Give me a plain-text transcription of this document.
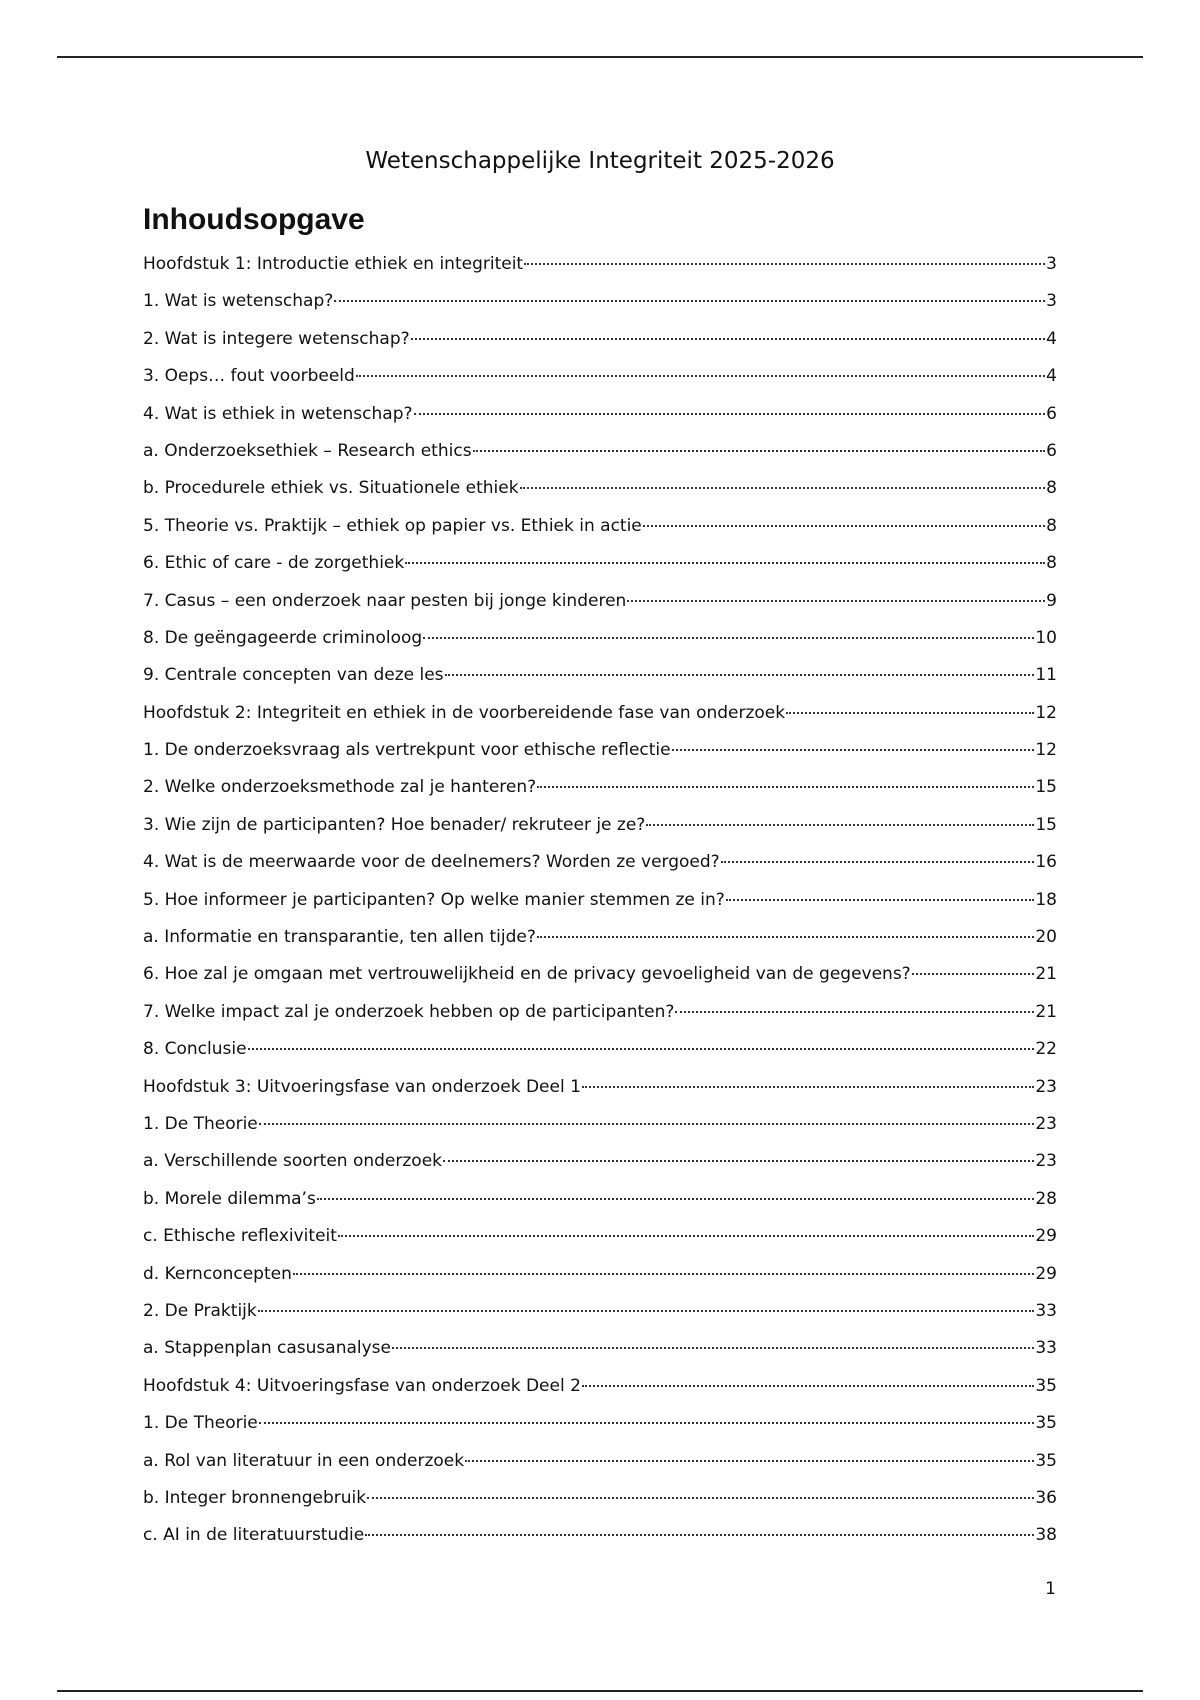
Wetenschappelijke Integriteit 2025-2026
Inhoudsopgave
Hoofdstuk 1: Introductie ethiek en integriteit	3
1. Wat is wetenschap?	3
2. Wat is integere wetenschap?	4
3. Oeps… fout voorbeeld	4
4. Wat is ethiek in wetenschap?	6
a. Onderzoeksethiek – Research ethics	6
b. Procedurele ethiek vs. Situationele ethiek	8
5. Theorie vs. Praktijk – ethiek op papier vs. Ethiek in actie	8
6. Ethic of care - de zorgethiek	8
7. Casus – een onderzoek naar pesten bij jonge kinderen	9
8. De geëngageerde criminoloog	10
9. Centrale concepten van deze les	11
Hoofdstuk 2: Integriteit en ethiek in de voorbereidende fase van onderzoek	12
1. De onderzoeksvraag als vertrekpunt voor ethische reflectie	12
2. Welke onderzoeksmethode zal je hanteren?	15
3. Wie zijn de participanten? Hoe benader/ rekruteer je ze?	15
4. Wat is de meerwaarde voor de deelnemers? Worden ze vergoed?	16
5. Hoe informeer je participanten? Op welke manier stemmen ze in?	18
a. Informatie en transparantie, ten allen tijde?	20
6. Hoe zal je omgaan met vertrouwelijkheid en de privacy gevoeligheid van de gegevens?	21
7. Welke impact zal je onderzoek hebben op de participanten?	21
8. Conclusie	22
Hoofdstuk 3: Uitvoeringsfase van onderzoek Deel 1	23
1. De Theorie	23
a. Verschillende soorten onderzoek	23
b. Morele dilemma’s	28
c. Ethische reflexiviteit	29
d. Kernconcepten	29
2. De Praktijk	33
a. Stappenplan casusanalyse	33
Hoofdstuk 4: Uitvoeringsfase van onderzoek Deel 2	35
1. De Theorie	35
a. Rol van literatuur in een onderzoek	35
b. Integer bronnengebruik	36
c. AI in de literatuurstudie	38
1
